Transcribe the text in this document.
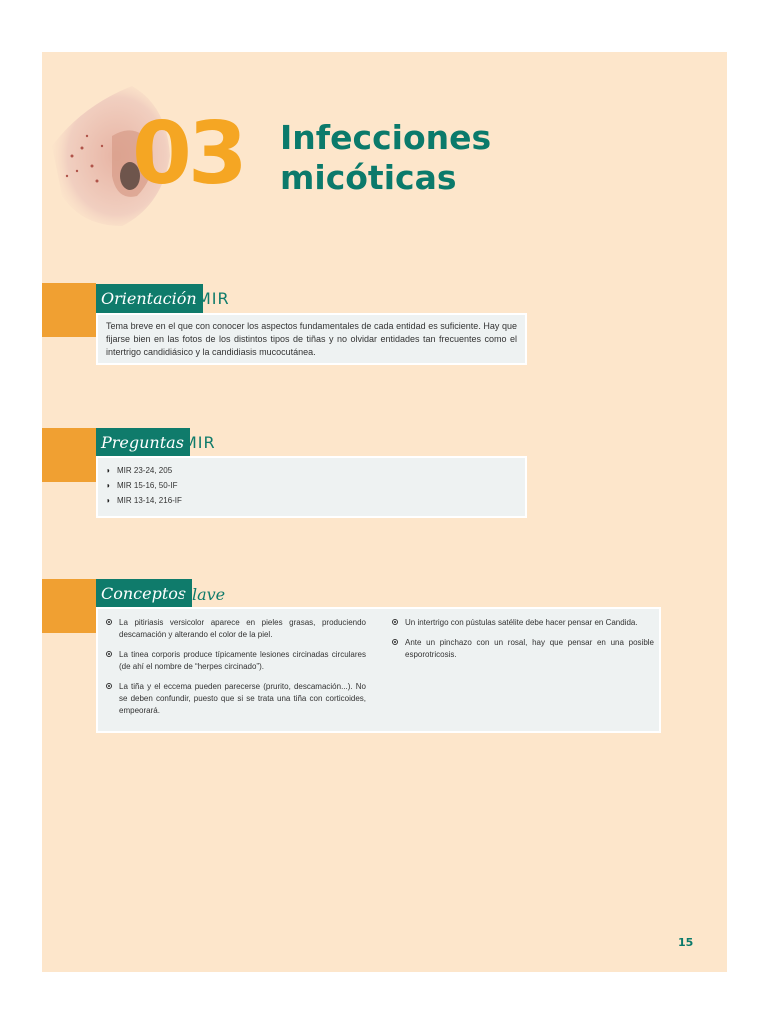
03 Infecciones
micóticas
Orientación MIR

Tema breve en el que con conocer los aspectos fundamentales de cada entidad es suficiente. Hay que fijarse bien en las fotos de los distintos tipos de tiñas y no olvidar entidades tan frecuentes como el intertrigo candidiásico y la candidiasis mucocutánea.

Preguntas MIR
◗ MIR 23-24, 205
◗ MIR 15-16, 50-IF
◗ MIR 13-14, 216-IF
Conceptos
clave
La pitiriasis versicolor aparece en pieles grasas, produciendo descamación y alterando el color de la piel.
La tinea corporis produce típicamente lesiones circinadas circulares (de ahí el nombre de “herpes circinado”).
La tiña y el eccema pueden parecerse (prurito, descamación...). No se deben confundir, puesto que si se trata una tiña con corticoides, empeorará.
Un intertrigo con pústulas satélite debe hacer pensar en Candida.
Ante un pinchazo con un rosal, hay que pensar en una posible esporotricosis.
15
